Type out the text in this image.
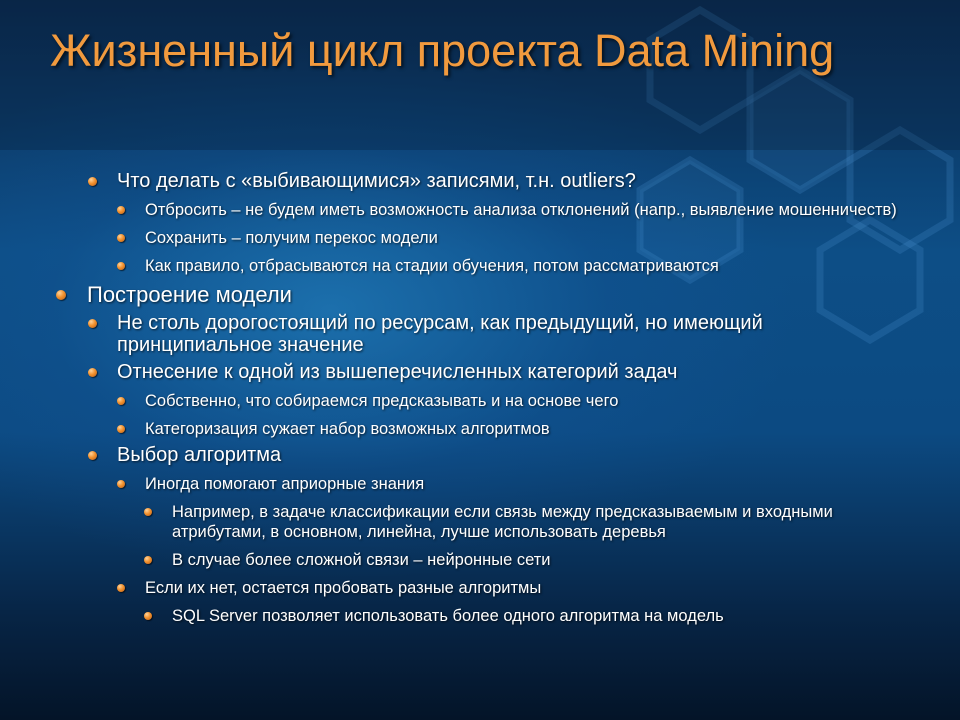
Жизненный цикл проекта Data Mining
Что делать с «выбивающимися» записями, т.н. outliers?
Отбросить – не будем иметь возможность анализа отклонений (напр., выявление мошенничеств)
Сохранить – получим перекос модели
Как правило, отбрасываются на стадии обучения, потом рассматриваются
Построение модели
Не столь дорогостоящий по ресурсам, как предыдущий, но имеющий принципиальное значение
Отнесение к одной из вышеперечисленных категорий задач
Собственно, что собираемся предсказывать и на основе чего
Категоризация сужает набор возможных алгоритмов
Выбор алгоритма
Иногда помогают априорные знания
Например, в задаче классификации если связь между предсказываемым и входными атрибутами, в основном, линейна, лучше использовать деревья
В случае более сложной связи – нейронные сети
Если их нет, остается пробовать разные алгоритмы
SQL Server позволяет использовать более одного алгоритма на модель
